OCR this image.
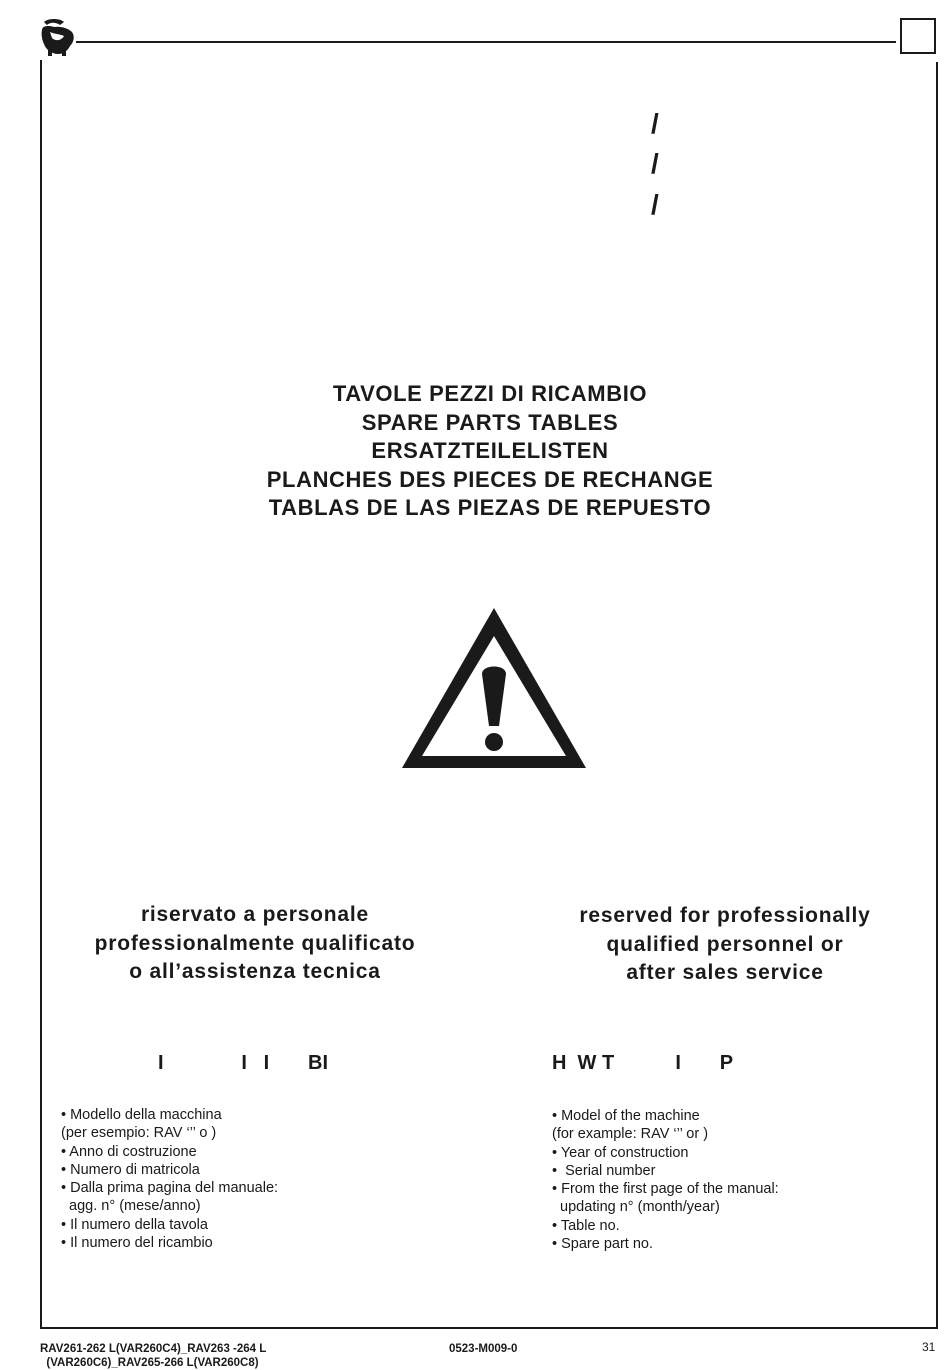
/
/
/
TAVOLE PEZZI DI RICAMBIO
SPARE PARTS TABLES
ERSATZTEILELISTEN
PLANCHES DES PIECES DE RECHANGE
TABLAS DE LAS PIEZAS DE REPUESTO
riservato a personale
professionalmente qualificato
o all’assistenza tecnica
reserved for professionally
qualified personnel or
after sales service
I              I   I       BI	H  W T           I       P
• Modello della macchina
(per esempio: RAV ‘’’ o )
• Anno di costruzione
• Numero di matricola
• Dalla prima pagina del manuale:
agg. n° (mese/anno)
• Il numero della tavola
• Il numero del ricambio
• Model of the machine
(for example: RAV ‘’’ or )
• Year of construction
•  Serial number
• From the first page of the manual:
updating n° (month/year)
• Table no.
• Spare part no.
RAV261-262 L(VAR260C4)_RAV263 -264 L
(VAR260C6)_RAV265-266 L(VAR260C8)
0523-M009-0	31
